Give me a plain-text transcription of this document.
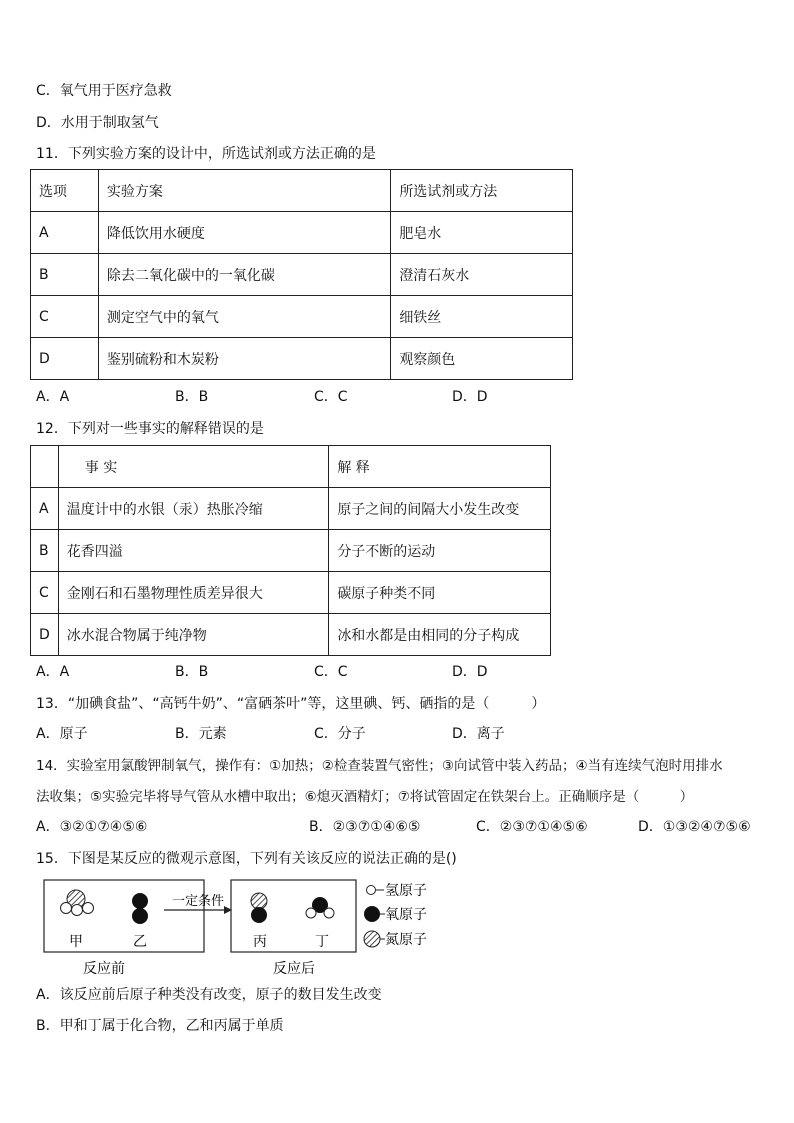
C．氧气用于医疗急救
D．水用于制取氢气
11．下列实验方案的设计中，所选试剂或方法正确的是
选项	实验方案	所选试剂或方法
A	降低饮用水硬度	肥皂水
B	除去二氧化碳中的一氧化碳	澄清石灰水
C	测定空气中的氧气	细铁丝
D	鉴别硫粉和木炭粉	观察颜色
A．A	B．B	C．C	D．D
12．下列对一些事实的解释错误的是
	事 实	解 释
A	温度计中的水银（汞）热胀冷缩	原子之间的间隔大小发生改变
B	花香四溢	分子不断的运动
C	金刚石和石墨物理性质差异很大	碳原子种类不同
D	冰水混合物属于纯净物	冰和水都是由相同的分子构成
A．A	B．B	C．C	D．D
13．“加碘食盐”、“高钙牛奶”、“富硒茶叶”等，这里碘、钙、硒指的是（　　　）
A．原子	B．元素	C．分子	D．离子
14．实验室用氯酸钾制氧气，操作有：①加热；②检查装置气密性；③向试管中装入药品；④当有连续气泡时用排水
法收集；⑤实验完毕将导气管从水槽中取出；⑥熄灭酒精灯；⑦将试管固定在铁架台上。正确顺序是（　　　）
A．③②①⑦④⑤⑥	B．②③⑦①④⑥⑤	C．②③⑦①④⑤⑥	D．①③②④⑦⑤⑥
15．下图是某反应的微观示意图，下列有关该反应的说法正确的是()
甲	乙
一定条件
丙	丁
反应前	反应后
氢原子
氧原子
氮原子
A．该反应前后原子种类没有改变，原子的数目发生改变
B．甲和丁属于化合物，乙和丙属于单质
